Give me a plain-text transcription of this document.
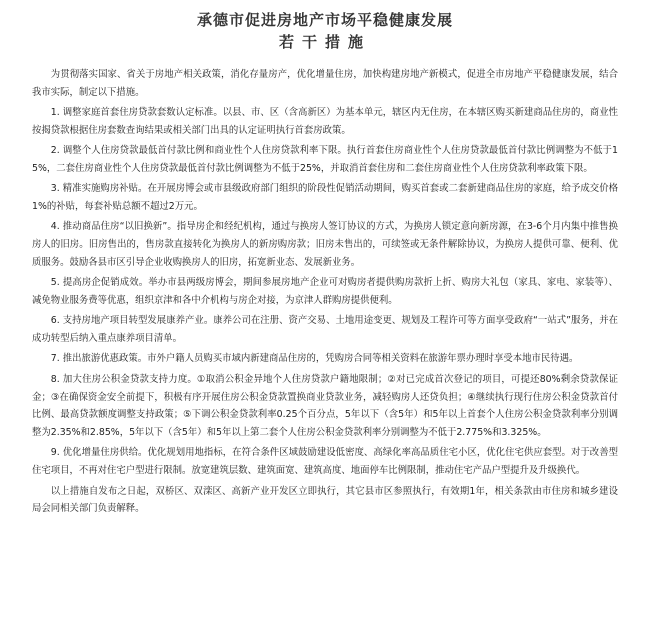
承德市促进房地产市场平稳健康发展
若干措施

为贯彻落实国家、省关于房地产相关政策，消化存量房产，优化增量住房，加快构建房地产新模式，促进全市房地产平稳健康发展，结合我市实际，制定以下措施。

1. 调整家庭首套住房贷款套数认定标准。以县、市、区（含高新区）为基本单元，辖区内无住房，在本辖区购买新建商品住房的，商业性按揭贷款根据住房套数查询结果或相关部门出具的认定证明执行首套房政策。

2. 调整个人住房贷款最低首付款比例和商业性个人住房贷款利率下限。执行首套住房商业性个人住房贷款最低首付款比例调整为不低于15%，二套住房商业性个人住房贷款最低首付款比例调整为不低于25%，并取消首套住房和二套住房商业性个人住房贷款利率政策下限。

3. 精准实施购房补贴。在开展房博会或市县级政府部门组织的阶段性促销活动期间，购买首套或二套新建商品住房的家庭，给予成交价格1%的补贴，每套补贴总额不超过2万元。

4. 推动商品住房“以旧换新”。指导房企和经纪机构，通过与换房人签订协议的方式，为换房人锁定意向新房源，在3-6个月内集中推售换房人的旧房。旧房售出的，售房款直接转化为换房人的新房购房款；旧房未售出的，可续签或无条件解除协议，为换房人提供可靠、便利、优质服务。鼓励各县市区引导企业收购换房人的旧房，拓宽新业态、发展新业务。

5. 提高房企促销成效。举办市县两级房博会，期间参展房地产企业可对购房者提供购房款折上折、购房大礼包（家具、家电、家装等）、减免物业服务费等优惠，组织京津和各中介机构与房企对接，为京津人群购房提供便利。

6. 支持房地产项目转型发展康养产业。康养公司在注册、资产交易、土地用途变更、规划及工程许可等方面享受政府“一站式”服务，并在成功转型后纳入重点康养项目清单。

7. 推出旅游优惠政策。市外户籍人员购买市域内新建商品住房的，凭购房合同等相关资料在旅游年票办理时享受本地市民待遇。

8. 加大住房公积金贷款支持力度。①取消公积金异地个人住房贷款户籍地限制；②对已完成首次登记的项目，可提还80%剩余贷款保证金；③在确保资金安全前提下，积极有序开展住房公积金贷款置换商业贷款业务，减轻购房人还贷负担；④继续执行现行住房公积金贷款首付比例、最高贷款额度调整支持政策；⑤下调公积金贷款利率0.25个百分点，5年以下（含5年）和5年以上首套个人住房公积金贷款利率分别调整为2.35%和2.85%，5年以下（含5年）和5年以上第二套个人住房公积金贷款利率分别调整为不低于2.775%和3.325%。

9. 优化增量住房供给。优化规划用地指标，在符合条件区域鼓励建设低密度、高绿化率高品质住宅小区，优化住宅供应套型。对于改善型住宅项目，不再对住宅户型进行限制。放宽建筑层数、建筑面宽、建筑高度、地面停车比例限制，推动住宅产品户型提升及升级换代。

以上措施自发布之日起，双桥区、双滦区、高新产业开发区立即执行，其它县市区参照执行，有效期1年，相关条款由市住房和城乡建设局会同相关部门负责解释。
